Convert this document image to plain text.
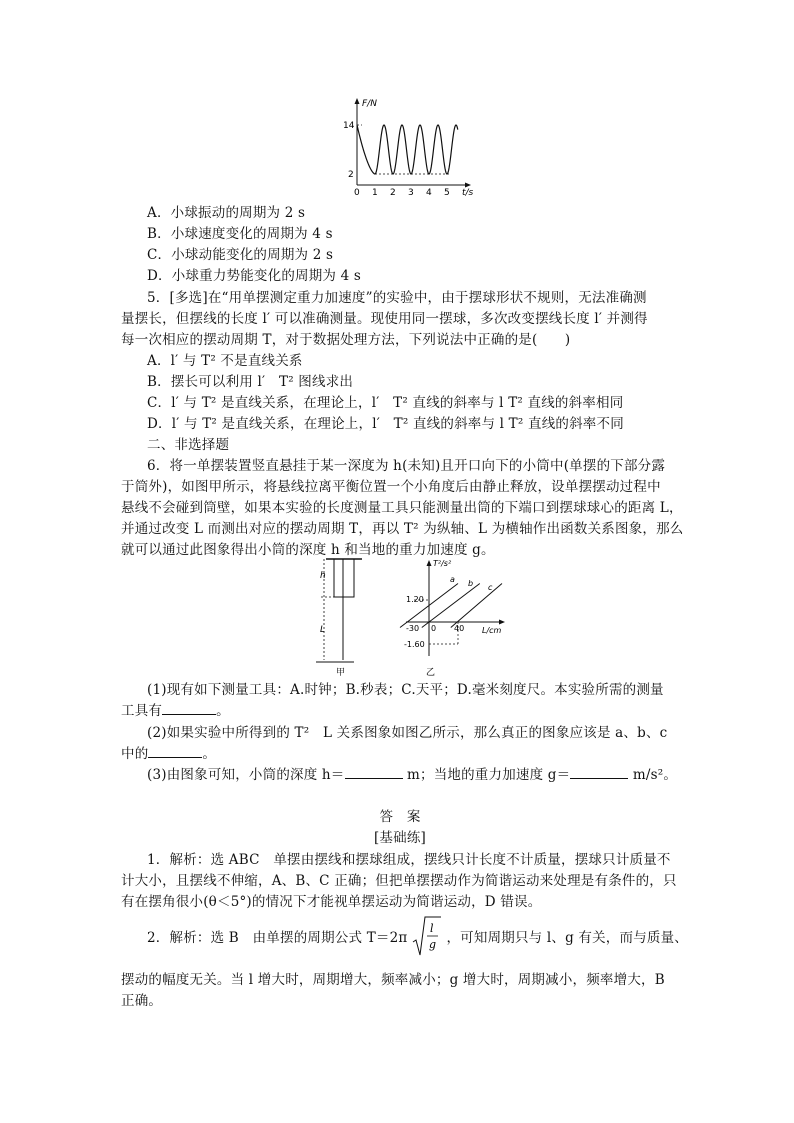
F/N
t/s
14
2
0 1 2 3 4 5
A．小球振动的周期为 2 s
B．小球速度变化的周期为 4 s
C．小球动能变化的周期为 2 s
D．小球重力势能变化的周期为 4 s
5．[多选]在“用单摆测定重力加速度”的实验中，由于摆球形状不规则，无法准确测
量摆长，但摆线的长度 l′ 可以准确测量。现使用同一摆球，多次改变摆线长度 l′ 并测得
每一次相应的摆动周期 T，对于数据处理方法，下列说法中正确的是(　　)
A．l′ 与 T² 不是直线关系
B．摆长可以利用 l′　T² 图线求出
C．l′ 与 T² 是直线关系，在理论上，l′　T² 直线的斜率与 l T² 直线的斜率相同
D．l′ 与 T² 是直线关系，在理论上，l′　T² 直线的斜率与 l T² 直线的斜率不同
二、非选择题
6．将一单摆装置竖直悬挂于某一深度为 h(未知)且开口向下的小筒中(单摆的下部分露
于筒外)，如图甲所示，将悬线拉离平衡位置一个小角度后由静止释放，设单摆摆动过程中
悬线不会碰到筒壁，如果本实验的长度测量工具只能测量出筒的下端口到摆球球心的距离 L，
并通过改变 L 而测出对应的摆动周期 T，再以 T² 为纵轴、L 为横轴作出函数关系图象，那么
就可以通过此图象得出小筒的深度 h 和当地的重力加速度 g。
h
L
甲
T²/s²
L/cm
a b c
1.20
-1.60
-30 0 40
乙
(1)现有如下测量工具：A.时钟；B.秒表；C.天平；D.毫米刻度尺。本实验所需的测量
工具有	。
(2)如果实验中所得到的 T²　L 关系图象如图乙所示，那么真正的图象应该是 a、b、c
中的	。
(3)由图象可知，小筒的深度 h＝	m；当地的重力加速度 g＝	m/s²。
答　案
[基础练]
1．解析：选 ABC　单摆由摆线和摆球组成，摆线只计长度不计质量，摆球只计质量不
计大小，且摆线不伸缩，A、B、C 正确；但把单摆摆动作为简谐运动来处理是有条件的，只
有在摆角很小(θ＜5°)的情况下才能视单摆运动为简谐运动，D 错误。
2．解析：选 B　由单摆的周期公式 T＝2π
l
g ，可知周期只与 l、g 有关，而与质量、
摆动的幅度无关。当 l 增大时，周期增大，频率减小；g 增大时，周期减小，频率增大，B
正确。
